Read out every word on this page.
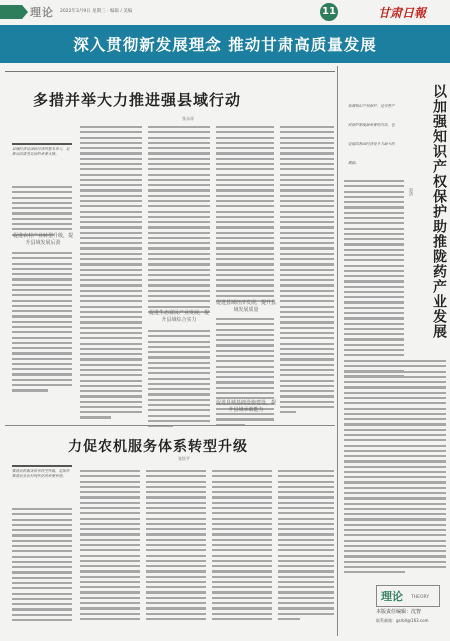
理论 2022年3月9日 星期三 · 编辑 / 美编	11	甘肃日報
深入贯彻新发展理念 推动甘肃高质量发展
多措并举大力推进强县域行动
张永祥
县域经济是国民经济的基本单元，是推动高质量发展的重要支撑。
促进农村产业转型升级，提升县域发展后劲
促进生态富民产业发展，提升县域综合实力
促进县域经济发展，提升县域发展质量
促进县城基础设施建设，提升县域承载能力
力促农机服务体系转型升级
张钦平
推进农机服务体系转型升级，是加快推进农业农村现代化的重要举措。
加强知识产权保护，是完善产权保护制度最重要的内容，也是提高我国经济竞争力最大的激励。	以加强知识产权保护助推陇药产业发展
贺清
理论 THEORY
本版责任编辑：沈智
联系邮箱：gsrbll@163.com
